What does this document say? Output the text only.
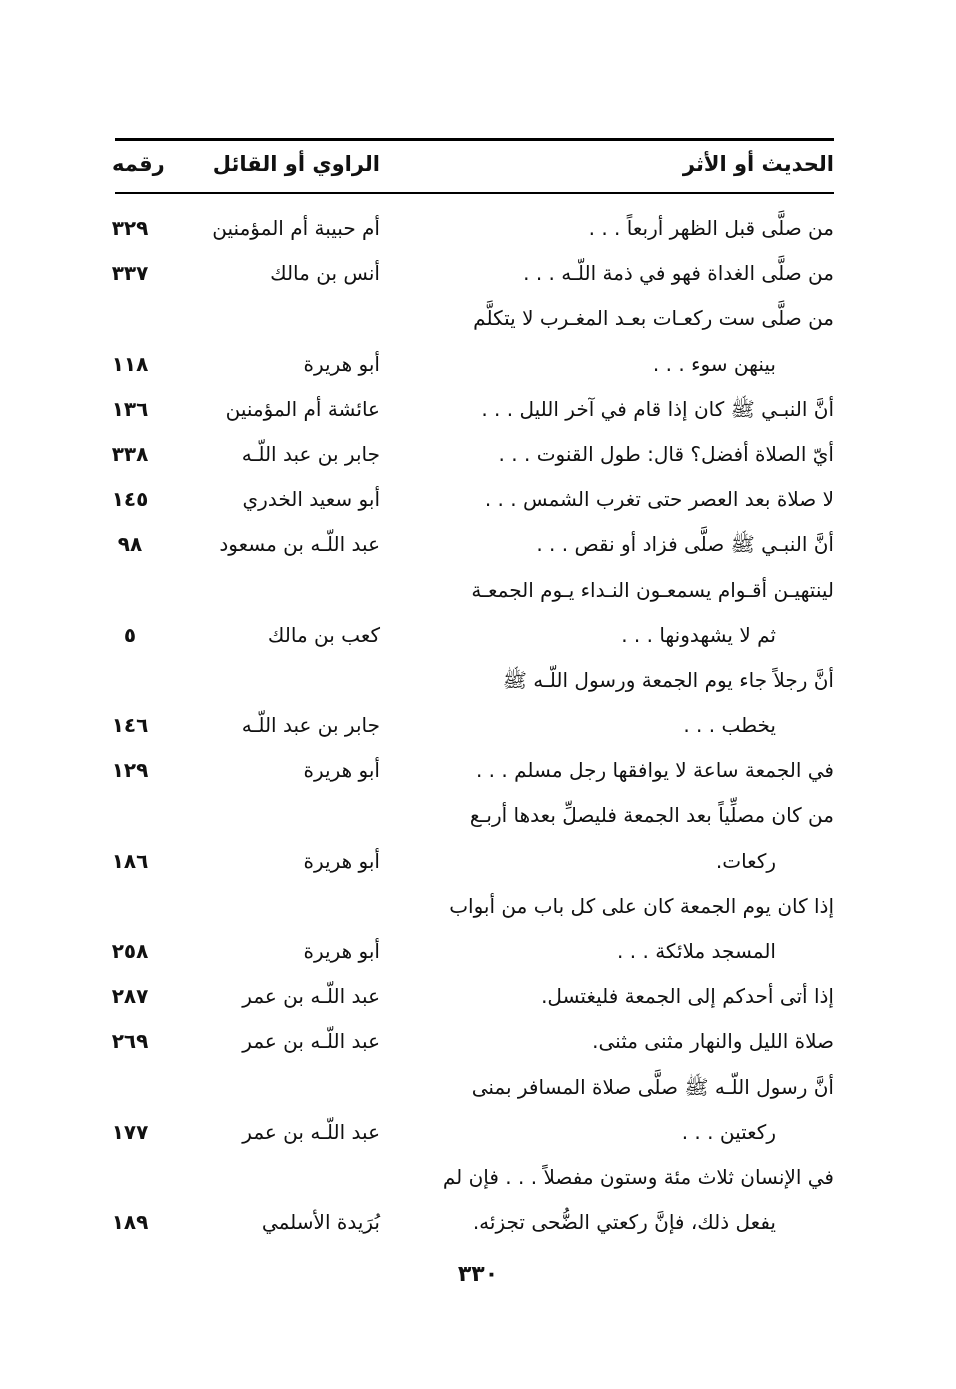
الحديث أو الأثر
الراوي أو القائل
رقمه
من صلَّى قبل الظهر أربعاً . . .
أم حبيبة أم المؤمنين
٣٢٩
من صلَّى الغداة فهو في ذمة اللّـه . . .
أنس بن مالك
٣٣٧
من صلَّى ست ركعـات بعـد المغـرب لا يتكلَّم
بينهن سوء . . .
أبو هريرة
١١٨
أنَّ النبـي ﷺ كان إذا قام في آخر الليل . . .
عائشة أم المؤمنين
١٣٦
أيّ الصلاة أفضل؟ قال: طول القنوت . . .
جابر بن عبد اللّـه
٣٣٨
لا صلاة بعد العصر حتى تغرب الشمس . . .
أبو سعيد الخدري
١٤٥
أنَّ النبـي ﷺ صلَّى فزاد أو نقص . . .
عبد اللّـه بن مسعود
٩٨
لينتهيـن أقـوام يسمعـون النـداء يـوم الجمعـة
ثم لا يشهدونها . . .
كعب بن مالك
٥
أنَّ رجلاً جاء يوم الجمعة ورسول اللّـه ﷺ
يخطب . . .
جابر بن عبد اللّـه
١٤٦
في الجمعة ساعة لا يوافقها رجل مسلم . . .
أبو هريرة
١٢٩
من كان مصلِّياً بعد الجمعة فليصلِّ بعدها أربـع
ركعات.
أبو هريرة
١٨٦
إذا كان يوم الجمعة كان على كل باب من أبواب
المسجد ملائكة . . .
أبو هريرة
٢٥٨
إذا أتى أحدكم إلى الجمعة فليغتسل.
عبد اللّـه بن عمر
٢٨٧
صلاة الليل والنهار مثنى مثنى.
عبد اللّـه بن عمر
٢٦٩
أنَّ رسول اللّـه ﷺ صلَّى صلاة المسافر بمنى
ركعتين . . .
عبد اللّـه بن عمر
١٧٧
في الإنسان ثلاث مئة وستون مفصلاً . . . فإن لم
يفعل ذلك، فإنَّ ركعتي الضُّحى تجزئه.
بُرَيدة الأسلمي
١٨٩
٣٣٠
